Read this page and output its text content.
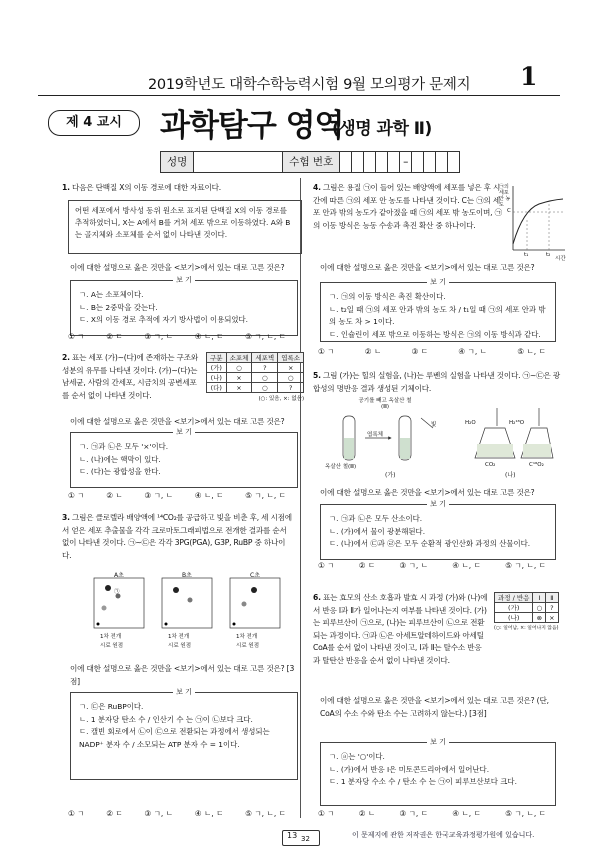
2019학년도 대학수학능력시험 9월 모의평가 문제지 1
제 4 교시	과학탐구 영역
(생명 과학 Ⅱ)
성명	수험 번호	–
1. 다음은 단백질 X의 이동 경로에 대한 자료이다.
어떤 세포에서 방사성 동위 원소로 표지된 단백질 X의 이동 경로를 추적하였더니, X는 A에서 B를 거쳐 세포 밖으로 이동하였다. A와 B는 골지체와 소포체를 순서 없이 나타낸 것이다.
이에 대한 설명으로 옳은 것만을 <보기>에서 있는 대로 고른 것은?
보 기
ㄱ. A는 소포체이다.
ㄴ. B는 2중막을 갖는다.
ㄷ. X의 이동 경로 추적에 자기 방사법이 이용되었다.
① ㄱ	② ㄷ	③ ㄱ, ㄴ	④ ㄴ, ㄷ	⑤ ㄱ, ㄴ, ㄷ
2. 표는 세포 (가)~(다)에 존재하는 구조와 성분의 유무를 나타낸 것이다. (가)~(다)는 남세균, 사람의 간세포, 시금치의 공변세포를 순서 없이 나타낸 것이다.
구분	소포체	세포벽	엽록소
(가)	○	?	×
(나)	×	○	○
(다)	×	○	?
(○: 있음, ×: 없음)
이에 대한 설명으로 옳은 것만을 <보기>에서 있는 대로 고른 것은?
보 기
ㄱ. ㉠과 ㉡은 모두 '×'이다.
ㄴ. (나)에는 핵막이 있다.
ㄷ. (다)는 광합성을 한다.
① ㄱ	② ㄴ	③ ㄱ, ㄴ	④ ㄴ, ㄷ	⑤ ㄱ, ㄴ, ㄷ
3. 그림은 클로렐라 배양액에 ¹⁴CO₂를 공급하고 빛을 비춘 후, 세 시점에서 얻은 세포 추출물을 각각 크로마토그래피법으로 전개한 결과를 순서 없이 나타낸 것이다. ㉠~㉢은 각각 3PG(PGA), G3P, RuBP 중 하나이다.
A초	B초	C초
㉠
1차 전개	1차 전개	1차 전개
시료 원점	시료 원점	시료 원점
이에 대한 설명으로 옳은 것만을 <보기>에서 있는 대로 고른 것은? [3점]
보 기
ㄱ. ㉢은 RuBP이다.
ㄴ. 1 분자당 탄소 수 / 인산기 수 는 ㉠이 ㉡보다 크다.
ㄷ. 캘빈 회로에서 ㉡이 ㉢으로 전환되는 과정에서 생성되는 NADP⁺ 분자 수 / 소모되는 ATP 분자 수 = 1이다.
① ㄱ	② ㄷ	③ ㄱ, ㄴ	④ ㄴ, ㄷ	⑤ ㄱ, ㄴ, ㄷ
4. 그림은 용질 ㉠이 들어 있는 배양액에 세포를 넣은 후 시간에 따른 ㉠의 세포 안 농도를 나타낸 것이다. C는 ㉠의 세포 안과 밖의 농도가 같아졌을 때 ㉠의 세포 밖 농도이며, ㉠의 이동 방식은 능동 수송과 촉진 확산 중 하나이다.
㉠의 세포 안 농도
C
t₁	t₂
시간
이에 대한 설명으로 옳은 것만을 <보기>에서 있는 대로 고른 것은?
보 기
ㄱ. ㉠의 이동 방식은 촉진 확산이다.
ㄴ. t₂일 때 ㉠의 세포 안과 밖의 농도 차 / t₁일 때 ㉠의 세포 안과 밖의 농도 차 > 1이다.
ㄷ. 인슐린이 세포 밖으로 이동하는 방식은 ㉠의 이동 방식과 같다.
① ㄱ	② ㄴ	③ ㄷ	④ ㄱ, ㄴ	⑤ ㄴ, ㄷ
5. 그림 (가)는 힐의 실험을, (나)는 루벤의 실험을 나타낸 것이다. ㉠~㉢은 광합성의 명반응 결과 생성된 기체이다.
공기를 빼고 옥살산 철(Ⅲ)
엽록체
빛
옥살산 철(Ⅲ)
H₂O
CO₂
H₂¹⁸O
C¹⁸O₂
(가)	(나)
이에 대한 설명으로 옳은 것만을 <보기>에서 있는 대로 고른 것은?
보 기
ㄱ. ㉠과 ㉡은 모두 산소이다.
ㄴ. (가)에서 물이 광분해된다.
ㄷ. (나)에서 ㉢과 ㉣은 모두 순환적 광인산화 과정의 산물이다.
① ㄱ	② ㄷ	③ ㄱ, ㄴ	④ ㄴ, ㄷ	⑤ ㄱ, ㄴ, ㄷ
6. 표는 효모의 산소 호흡과 발효 시 과정 (가)와 (나)에서 반응 Ⅰ과 Ⅱ가 일어나는지 여부를 나타낸 것이다. (가)는 피루브산이 ㉠으로, (나)는 피루브산이 ㉡으로 전환되는 과정이다. ㉠과 ㉡은 아세트알데하이드와 아세틸 CoA를 순서 없이 나타낸 것이고, Ⅰ과 Ⅱ는 탈수소 반응과 탈탄산 반응을 순서 없이 나타낸 것이다.
과정 / 반응	Ⅰ	Ⅱ
(가)	○	?
(나)	⊗	×
(○: 일어남, ×: 일어나지 않음)
이에 대한 설명으로 옳은 것만을 <보기>에서 있는 대로 고른 것은? (단, CoA의 수소 수와 탄소 수는 고려하지 않는다.) [3점]
보 기
ㄱ. ⓐ는 '○'이다.
ㄴ. (가)에서 반응 Ⅰ은 미토콘드리아에서 일어난다.
ㄷ. 1 분자당 수소 수 / 탄소 수 는 ㉠이 피루브산보다 크다.
① ㄱ	② ㄴ	③ ㄱ, ㄷ	④ ㄴ, ㄷ	⑤ ㄱ, ㄴ, ㄷ
13 32	이 문제지에 관한 저작권은 한국교육과정평가원에 있습니다.
